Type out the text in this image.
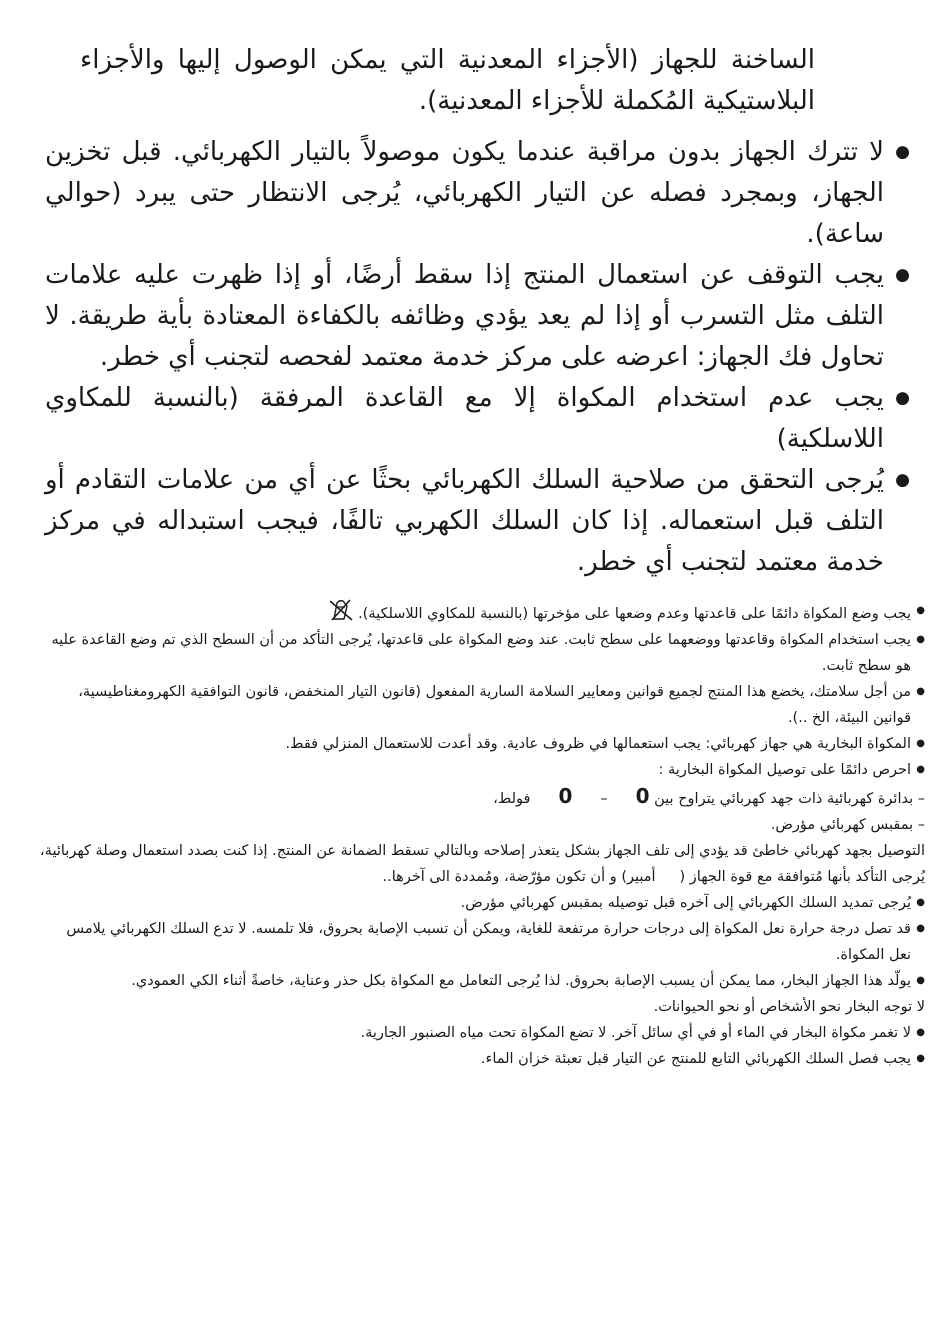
الساخنة للجهاز (الأجزاء المعدنية التي يمكن الوصول إليها والأجزاء البلاستيكية المُكملة للأجزاء المعدنية).
● لا تترك الجهاز بدون مراقبة عندما يكون موصولاً بالتيار الكهربائي. قبل تخزين الجهاز، وبمجرد فصله عن التيار الكهربائي، يُرجى الانتظار حتى يبرد (حوالي ساعة).
● يجب التوقف عن استعمال المنتج إذا سقط أرضًا، أو إذا ظهرت عليه علامات التلف مثل التسرب أو إذا لم يعد يؤدي وظائفه بالكفاءة المعتادة بأية طريقة. لا تحاول فك الجهاز: اعرضه على مركز خدمة معتمد لفحصه لتجنب أي خطر.
● يجب عدم استخدام المكواة إلا مع القاعدة المرفقة (بالنسبة للمكاوي اللاسلكية)
● يُرجى التحقق من صلاحية السلك الكهربائي بحثًا عن أي من علامات التقادم أو التلف قبل استعماله. إذا كان السلك الكهربي تالفًا، فيجب استبداله في مركز خدمة معتمد لتجنب أي خطر.
● يجب وضع المكواة دائمًا على قاعدتها وعدم وضعها على مؤخرتها (بالنسبة للمكاوي اللاسلكية).
● يجب استخدام المكواة وقاعدتها ووضعهما على سطح ثابت. عند وضع المكواة على قاعدتها، يُرجى التأكد من أن السطح الذي تم وضع القاعدة عليه هو سطح ثابت.
● من أجل سلامتك، يخضع هذا المنتج لجميع قوانين ومعايير السلامة السارية المفعول (قانون التيار المنخفض، قانون التوافقية الكهرومغناطيسية، قوانين البيئة، الخ ..).
● المكواة البخارية هي جهاز كهربائي: يجب استعمالها في ظروف عادية. وقد أعدت للاستعمال المنزلي فقط.
● احرص دائمًا على توصيل المكواة البخارية :
– بدائرة كهربائية ذات جهد كهربائي يتراوح بين 0–0فولط،
– بمقبس كهربائي مؤرض.
التوصيل بجهد كهربائي خاطئ قد يؤدي إلى تلف الجهاز بشكل يتعذر إصلاحه وبالتالي تسقط الضمانة عن المنتج. إذا كنت بصدد استعمال وصلة كهربائية، يُرجى التأكد بأنها مُتوافقة مع قوة الجهاز (أمبير) و أن تكون مؤرّضة، ومُمددة الى آخرها..
● يُرجى تمديد السلك الكهربائي إلى آخره قبل توصيله بمقبس كهربائي مؤرض.
● قد تصل درجة حرارة نعل المكواة إلى درجات حرارة مرتفعة للغاية، ويمكن أن تسبب الإصابة بحروق، فلا تلمسه. لا تدع السلك الكهربائي يلامس نعل المكواة.
● يولّد هذا الجهاز البخار، مما يمكن أن يسبب الإصابة بحروق. لذا يُرجى التعامل مع المكواة بكل حذر وعناية، خاصةً أثناء الكي العمودي.
لا توجه البخار نحو الأشخاص أو نحو الحيوانات.
● لا تغمر مكواة البخار في الماء أو في أي سائل آخر. لا تضع المكواة تحت مياه الصنبور الجارية.
● يجب فصل السلك الكهربائي التابع للمنتج عن التيار قبل تعبئة خزان الماء.
